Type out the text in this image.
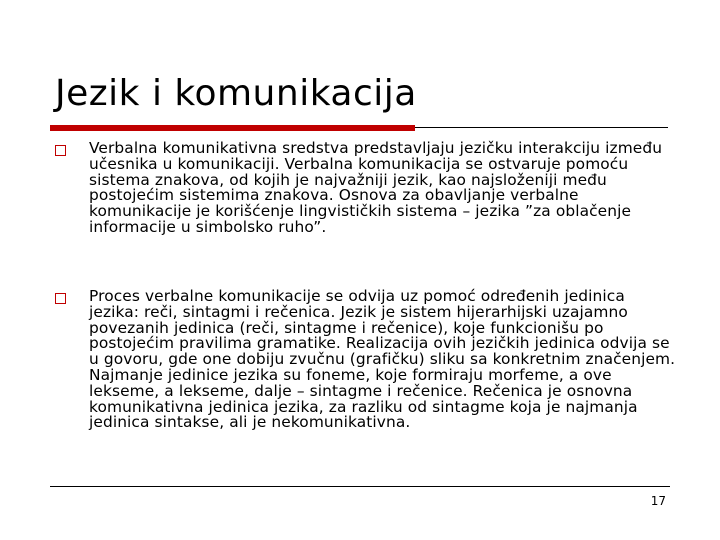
Jezik i komunikacija
Verbalna komunikativna sredstva predstavljaju jezičku interakciju između učesnika u komunikaciji. Verbalna komunikacija se ostvaruje pomoću sistema znakova, od kojih je najvažniji jezik, kao najsloženiji među postojećim sistemima znakova. Osnova za obavljanje verbalne komunikacije je korišćenje lingvističkih sistema – jezika ”za oblačenje informacije u simbolsko ruho”.
Proces verbalne komunikacije se odvija uz pomoć određenih jedinica jezika: reči, sintagmi i rečenica. Jezik je sistem hijerarhijski uzajamno povezanih jedinica (reči, sintagme i rečenice), koje funkcionišu po postojećim pravilima gramatike. Realizacija ovih jezičkih jedinica odvija se u govoru, gde one dobiju zvučnu (grafičku) sliku sa konkretnim značenjem. Najmanje jedinice jezika su foneme, koje formiraju morfeme, a ove lekseme, a lekseme, dalje – sintagme i rečenice. Rečenica je osnovna komunikativna jedinica jezika, za razliku od sintagme koja je najmanja jedinica sintakse, ali je nekomunikativna.
17
